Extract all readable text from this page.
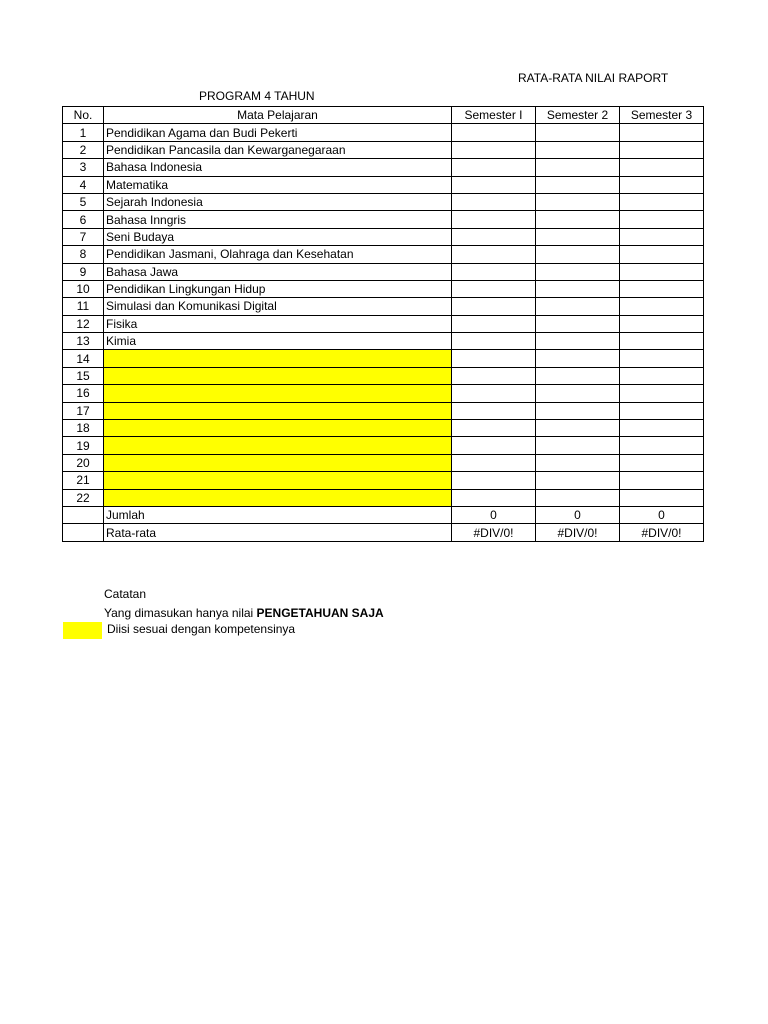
RATA-RATA NILAI RAPORT
PROGRAM 4 TAHUN
No.	Mata Pelajaran	Semester I	Semester 2	Semester 3
1	Pendidikan Agama dan Budi Pekerti			
2	Pendidikan Pancasila dan Kewarganegaraan			
3	Bahasa Indonesia			
4	Matematika			
5	Sejarah Indonesia			
6	Bahasa Inngris			
7	Seni Budaya			
8	Pendidikan Jasmani, Olahraga dan Kesehatan			
9	Bahasa Jawa			
10	Pendidikan Lingkungan Hidup			
11	Simulasi dan Komunikasi Digital			
12	Fisika			
13	Kimia			
14				
15				
16				
17				
18				
19				
20				
21				
22				
	Jumlah	0	0	0
	Rata-rata	#DIV/0!	#DIV/0!	#DIV/0!
Catatan
Yang dimasukan hanya nilai PENGETAHUAN SAJA
Diisi sesuai dengan kompetensinya
